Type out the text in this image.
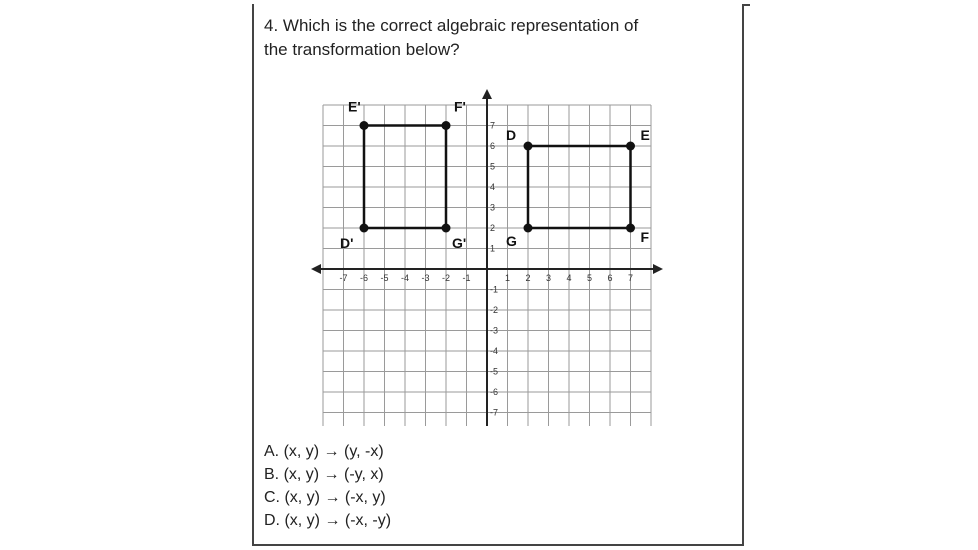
4. Which is the correct algebraic representation of
the transformation below?

-7 -6 -5 -4 -3 -2 -1	1 2 3 4 5 6 7
7
6
5
4
3
2
1
-1
-2
-3
-4
-5
-6
-7
D	E
F
G
E'	F'
G'
D'
A. (x, y) → (y, -x)
B. (x, y) → (-y, x)
C. (x, y) → (-x, y)
D. (x, y) → (-x, -y)
